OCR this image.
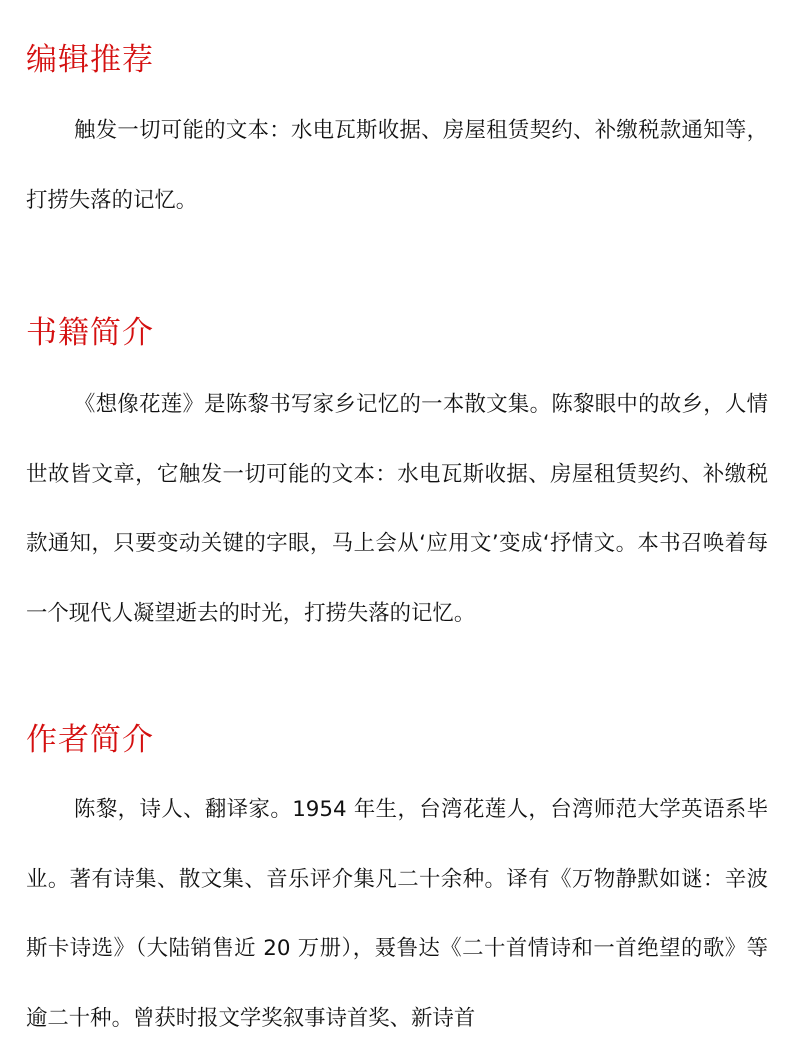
编辑推荐

触发一切可能的文本：水电瓦斯收据、房屋租赁契约、补缴税款通知等，打捞失落的记忆。

书籍简介

《想像花莲》是陈黎书写家乡记忆的一本散文集。陈黎眼中的故乡，人情世故皆文章，它触发一切可能的文本：水电瓦斯收据、房屋租赁契约、补缴税款通知，只要变动关键的字眼，马上会从‘应用文’变成‘抒情文。本书召唤着每一个现代人凝望逝去的时光，打捞失落的记忆。

作者简介

陈黎，诗人、翻译家。1954 年生，台湾花莲人，台湾师范大学英语系毕业。著有诗集、散文集、音乐评介集凡二十余种。译有《万物静默如谜：辛波斯卡诗选》（大陆销售近 20 万册），聂鲁达《二十首情诗和一首绝望的歌》等逾二十种。曾获时报文学奖叙事诗首奖、新诗首
